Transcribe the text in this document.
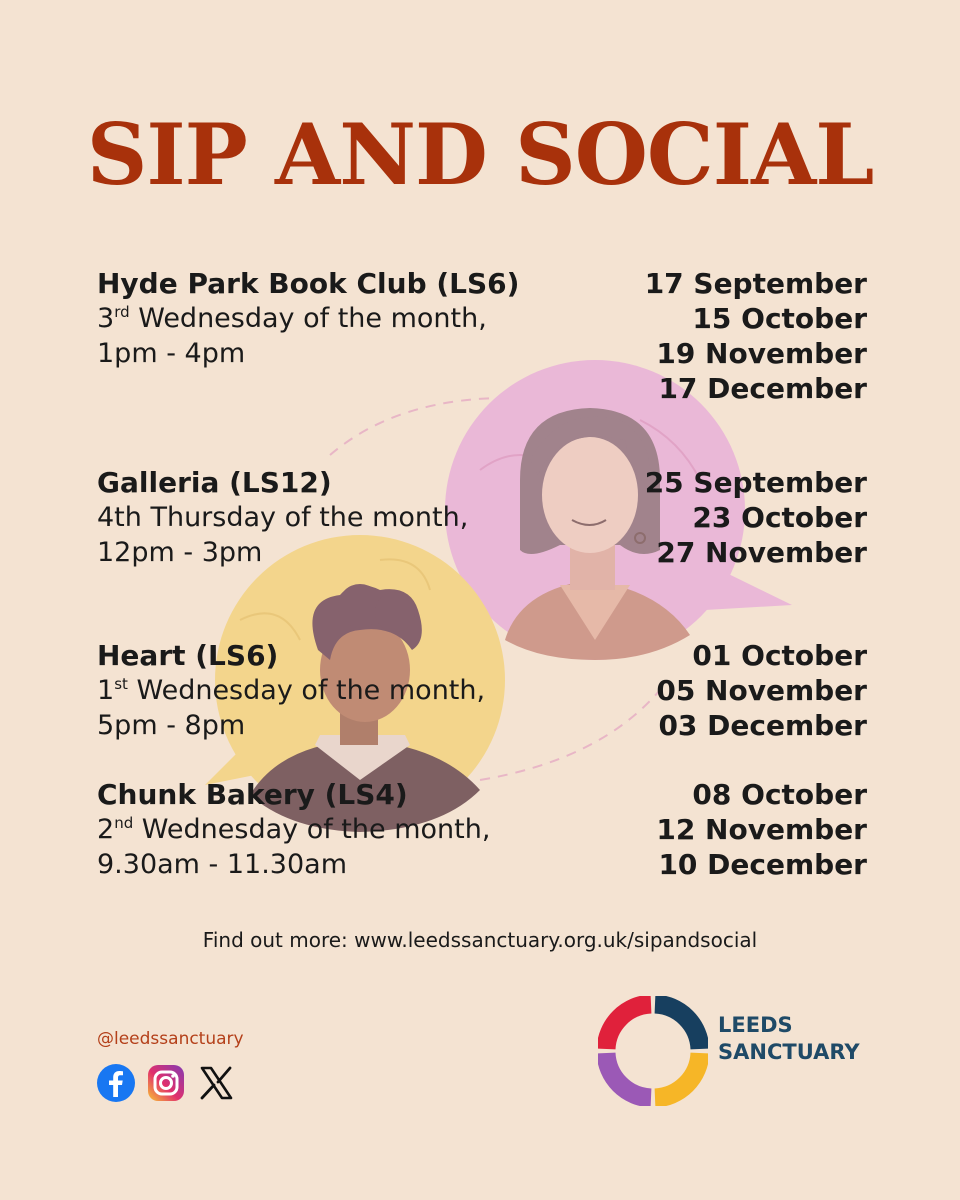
SIP AND SOCIAL
Hyde Park Book Club (LS6)
3rd Wednesday of the month,
1pm - 4pm
17 September
15 October
19 November
17 December
Galleria (LS12)
4th Thursday of the month,
12pm - 3pm
25 September
23 October
27 November
Heart (LS6)
1st Wednesday of the month,
5pm - 8pm
01 October
05 November
03 December
Chunk Bakery (LS4)
2nd Wednesday of the month,
9.30am - 11.30am
08 October
12 November
10 December
Find out more: www.leedssanctuary.org.uk/sipandsocial
@leedssanctuary
LEEDS
SANCTUARY
